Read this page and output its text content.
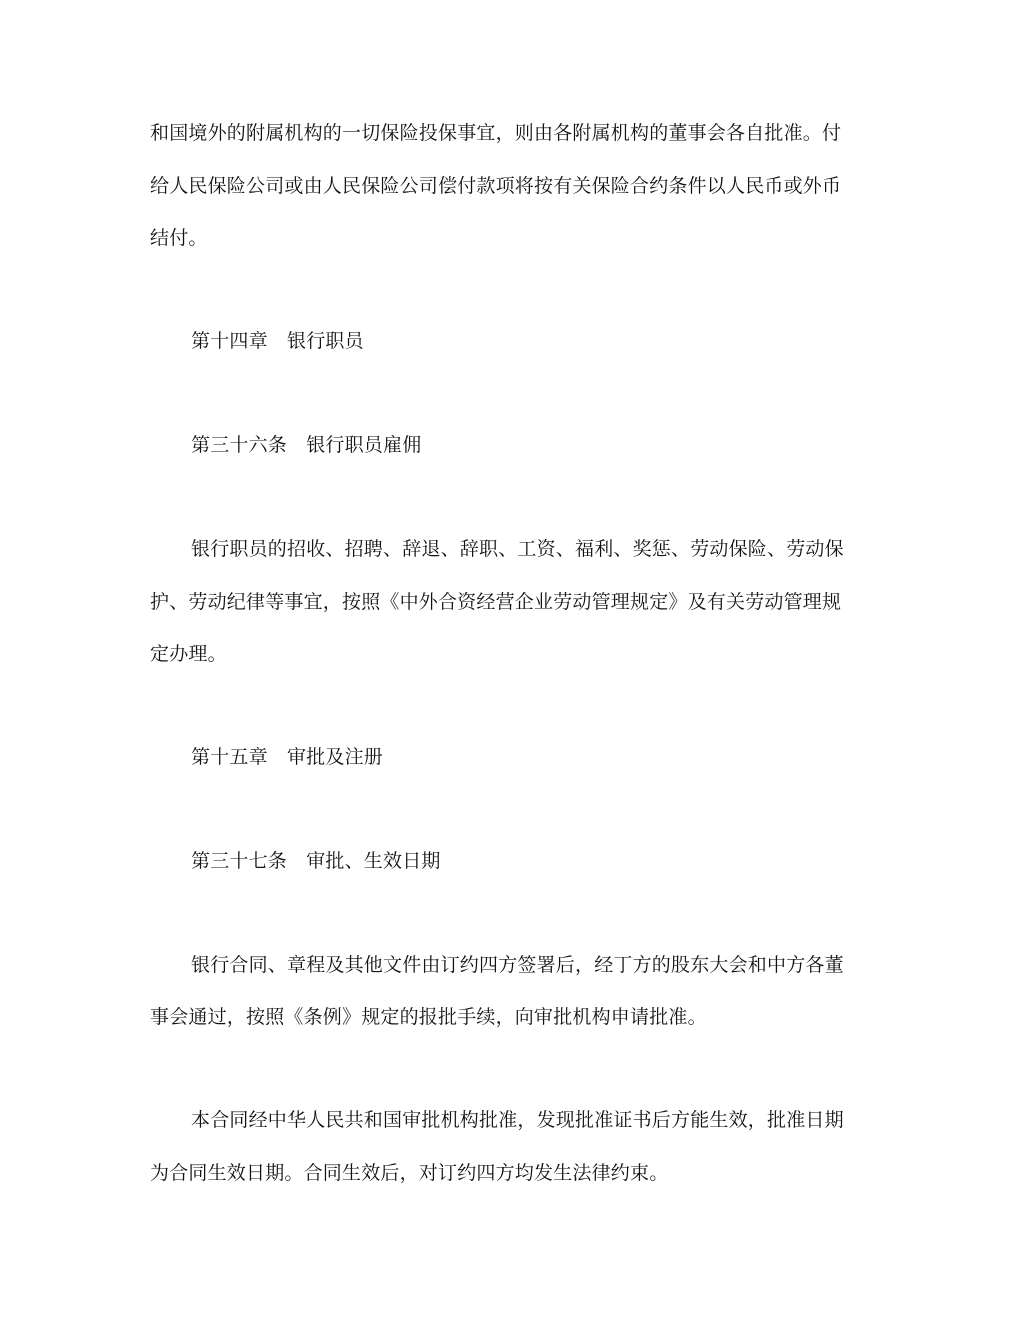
和国境外的附属机构的一切保险投保事宜，则由各附属机构的董事会各自批准。付
给人民保险公司或由人民保险公司偿付款项将按有关保险合约条件以人民币或外币
结付。
第十四章　银行职员
第三十六条　银行职员雇佣
银行职员的招收、招聘、辞退、辞职、工资、福利、奖惩、劳动保险、劳动保
护、劳动纪律等事宜，按照《中外合资经营企业劳动管理规定》及有关劳动管理规
定办理。
第十五章　审批及注册
第三十七条　审批、生效日期
银行合同、章程及其他文件由订约四方签署后，经丁方的股东大会和中方各董
事会通过，按照《条例》规定的报批手续，向审批机构申请批准。
本合同经中华人民共和国审批机构批准，发现批准证书后方能生效，批准日期
为合同生效日期。合同生效后，对订约四方均发生法律约束。
